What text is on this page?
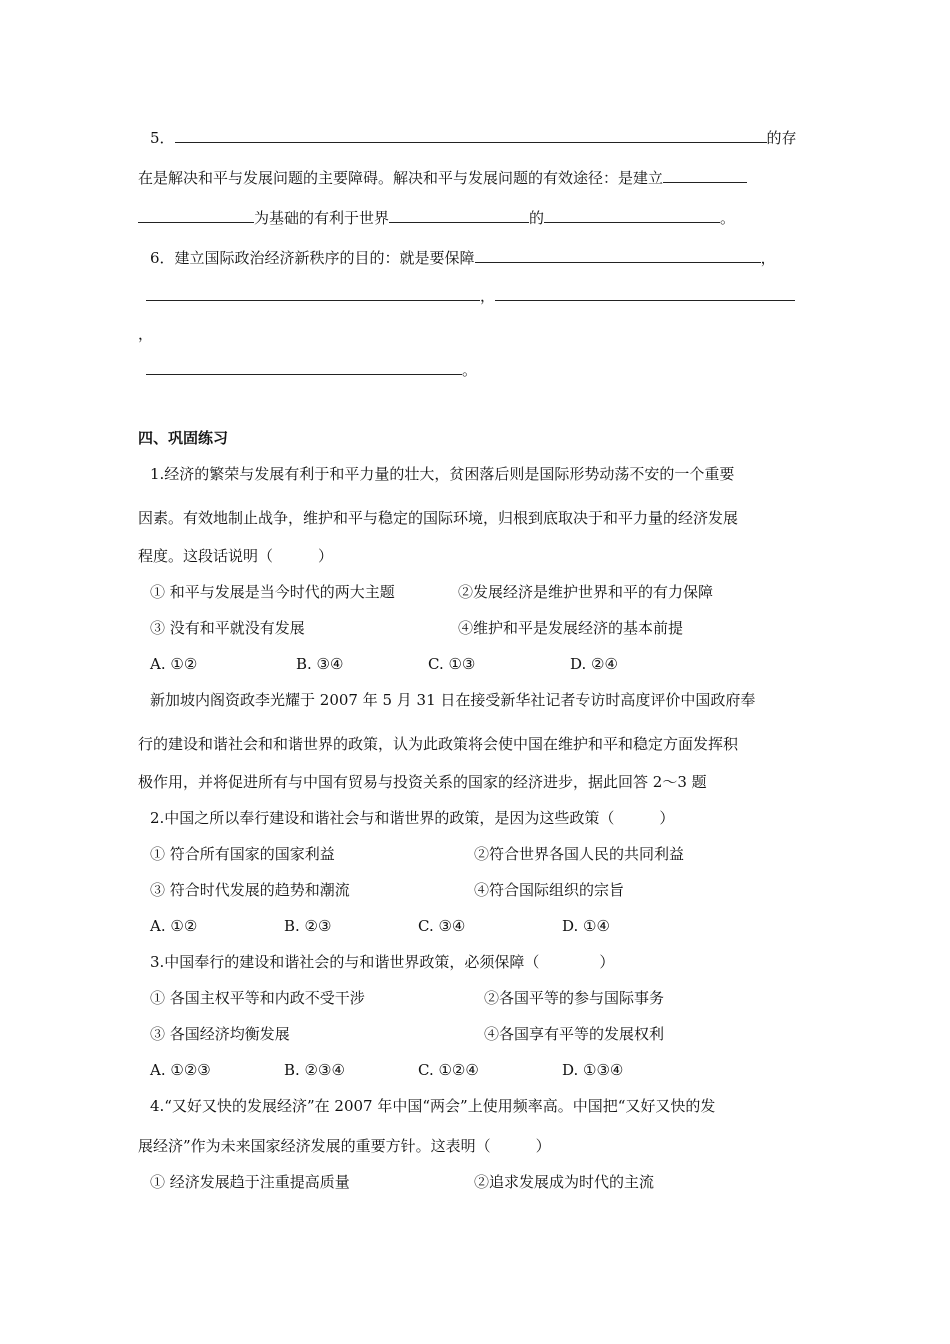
5．	的存
在是解决和平与发展问题的主要障碍。解决和平与发展问题的有效途径：是建立
为基础的有利于世界	的	。
6．建立国际政治经济新秩序的目的：就是要保障	，
，
，
。
四、巩固练习
1.经济的繁荣与发展有利于和平力量的壮大，贫困落后则是国际形势动荡不安的一个重要
因素。有效地制止战争，维护和平与稳定的国际环境，归根到底取决于和平力量的经济发展
程度。这段话说明（　　　）
① 和平与发展是当今时代的两大主题	②发展经济是维护世界和平的有力保障
③ 没有和平就没有发展	④维护和平是发展经济的基本前提
A. ①②	B. ③④	C. ①③	D. ②④
新加坡内阁资政李光耀于 2007 年 5 月 31 日在接受新华社记者专访时高度评价中国政府奉
行的建设和谐社会和和谐世界的政策，认为此政策将会使中国在维护和平和稳定方面发挥积
极作用，并将促进所有与中国有贸易与投资关系的国家的经济进步，据此回答 2～3 题
2.中国之所以奉行建设和谐社会与和谐世界的政策，是因为这些政策（　　　）
① 符合所有国家的国家利益	②符合世界各国人民的共同利益
③ 符合时代发展的趋势和潮流	④符合国际组织的宗旨
A. ①②	B. ②③	C. ③④	D. ①④
3.中国奉行的建设和谐社会的与和谐世界政策，必须保障（　　　　）
① 各国主权平等和内政不受干涉	②各国平等的参与国际事务
③ 各国经济均衡发展	④各国享有平等的发展权利
A. ①②③	B. ②③④	C. ①②④	D. ①③④
4.“又好又快的发展经济”在 2007 年中国“两会”上使用频率高。中国把“又好又快的发
展经济”作为未来国家经济发展的重要方针。这表明（　　　）
① 经济发展趋于注重提高质量	②追求发展成为时代的主流
